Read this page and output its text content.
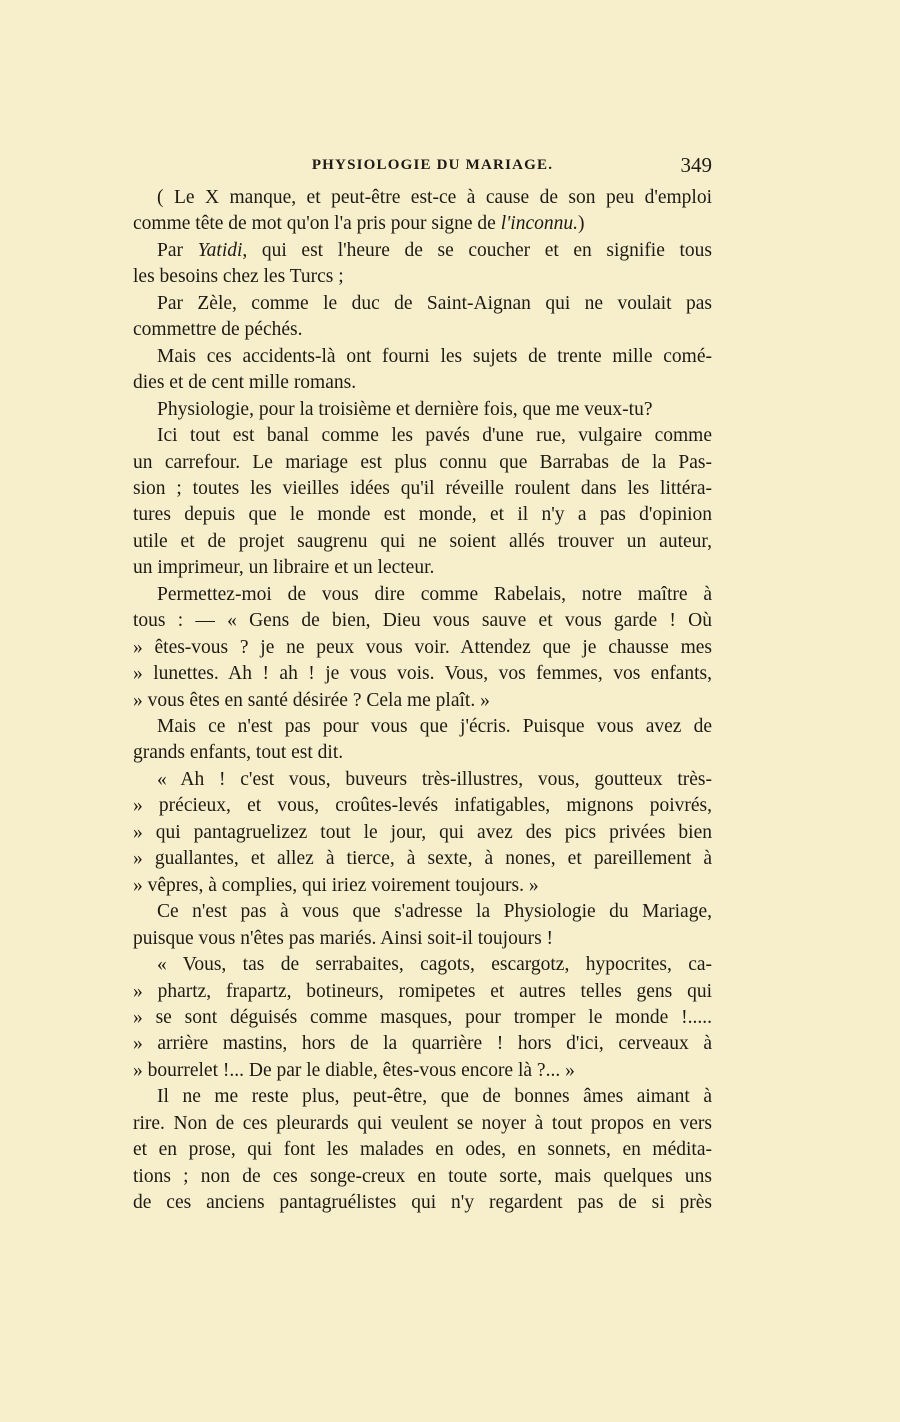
PHYSIOLOGIE DU MARIAGE.	349
( Le X manque, et peut-être est-ce à cause de son peu d'emploi
comme tête de mot qu'on l'a pris pour signe de l'inconnu.)
Par Yatidi, qui est l'heure de se coucher et en signifie tous
les besoins chez les Turcs ;
Par Zèle, comme le duc de Saint-Aignan qui ne voulait pas
commettre de péchés.
Mais ces accidents-là ont fourni les sujets de trente mille comé-
dies et de cent mille romans.
Physiologie, pour la troisième et dernière fois, que me veux-tu?
Ici tout est banal comme les pavés d'une rue, vulgaire comme
un carrefour. Le mariage est plus connu que Barrabas de la Pas-
sion ; toutes les vieilles idées qu'il réveille roulent dans les littéra-
tures depuis que le monde est monde, et il n'y a pas d'opinion
utile et de projet saugrenu qui ne soient allés trouver un auteur,
un imprimeur, un libraire et un lecteur.
Permettez-moi de vous dire comme Rabelais, notre maître à
tous : — « Gens de bien, Dieu vous sauve et vous garde ! Où
» êtes-vous ? je ne peux vous voir. Attendez que je chausse mes
» lunettes. Ah ! ah ! je vous vois. Vous, vos femmes, vos enfants,
» vous êtes en santé désirée ? Cela me plaît. »
Mais ce n'est pas pour vous que j'écris. Puisque vous avez de
grands enfants, tout est dit.
« Ah ! c'est vous, buveurs très-illustres, vous, goutteux très-
» précieux, et vous, croûtes-levés infatigables, mignons poivrés,
» qui pantagruelizez tout le jour, qui avez des pics privées bien
» guallantes, et allez à tierce, à sexte, à nones, et pareillement à
» vêpres, à complies, qui iriez voirement toujours. »
Ce n'est pas à vous que s'adresse la Physiologie du Mariage,
puisque vous n'êtes pas mariés. Ainsi soit-il toujours !
« Vous, tas de serrabaites, cagots, escargotz, hypocrites, ca-
» phartz, frapartz, botineurs, romipetes et autres telles gens qui
» se sont déguisés comme masques, pour tromper le monde !.....
» arrière mastins, hors de la quarrière ! hors d'ici, cerveaux à
» bourrelet !... De par le diable, êtes-vous encore là ?... »
Il ne me reste plus, peut-être, que de bonnes âmes aimant à
rire. Non de ces pleurards qui veulent se noyer à tout propos en vers
et en prose, qui font les malades en odes, en sonnets, en médita-
tions ; non de ces songe-creux en toute sorte, mais quelques uns
de ces anciens pantagruélistes qui n'y regardent pas de si près
